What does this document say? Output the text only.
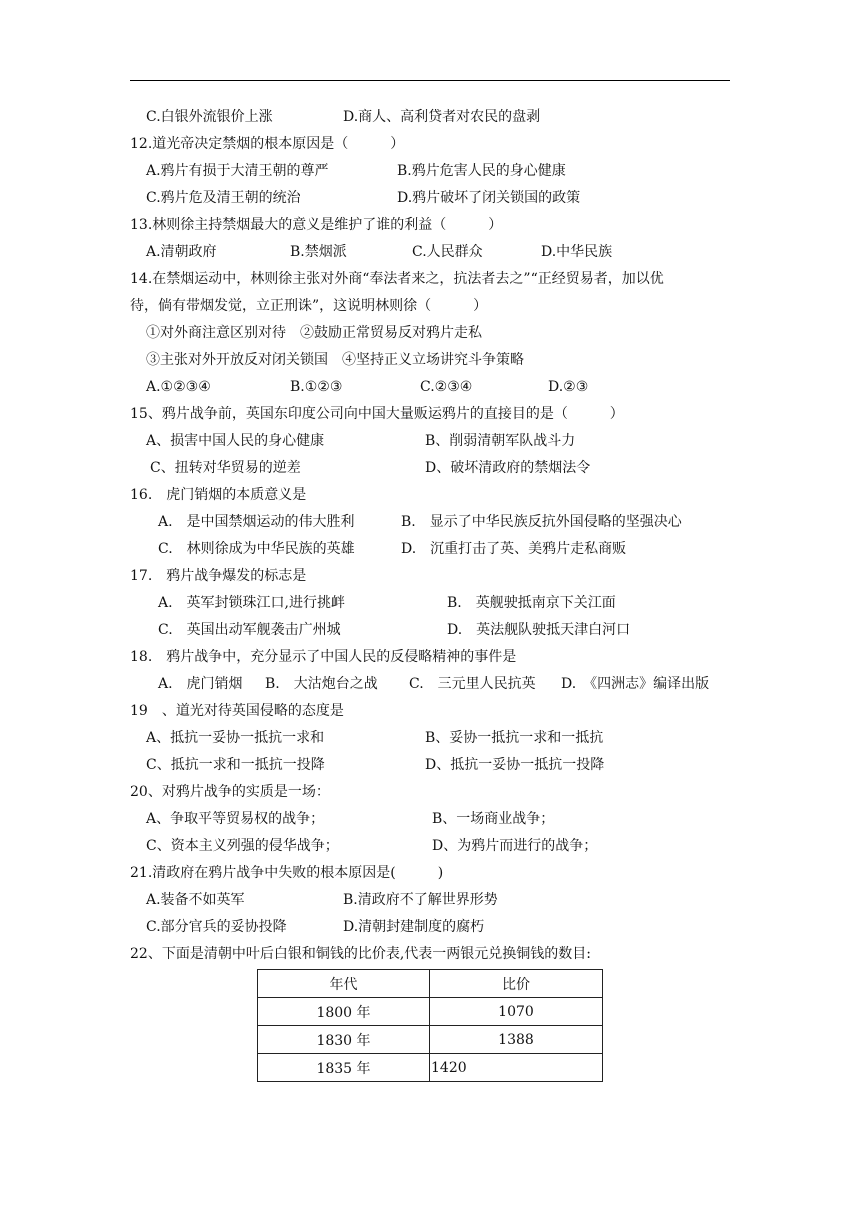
C.白银外流银价上涨	D.商人、高利贷者对农民的盘剥
12.道光帝决定禁烟的根本原因是（　　　）
A.鸦片有损于大清王朝的尊严	B.鸦片危害人民的身心健康
C.鸦片危及清王朝的统治	D.鸦片破坏了闭关锁国的政策
13.林则徐主持禁烟最大的意义是维护了谁的利益（　　　）
A.清朝政府	B.禁烟派	C.人民群众	D.中华民族
14.在禁烟运动中，林则徐主张对外商“奉法者来之，抗法者去之”“正经贸易者，加以优
待，倘有带烟发觉，立正刑诛”，这说明林则徐（　　　）
①对外商注意区别对待　②鼓励正常贸易反对鸦片走私
③主张对外开放反对闭关锁国　④坚持正义立场讲究斗争策略
A.①②③④	B.①②③	C.②③④	D.②③
15、鸦片战争前，英国东印度公司向中国大量贩运鸦片的直接目的是（　　　）
A、损害中国人民的身心健康	B、削弱清朝军队战斗力
C、扭转对华贸易的逆差	D、破坏清政府的禁烟法令
16.　虎门销烟的本质意义是
A.　是中国禁烟运动的伟大胜利	B.　显示了中华民族反抗外国侵略的坚强决心
C.　林则徐成为中华民族的英雄	D.　沉重打击了英、美鸦片走私商贩
17.　鸦片战争爆发的标志是
A.　英军封锁珠江口,进行挑衅	B.　英舰驶抵南京下关江面
C.　英国出动军舰袭击广州城	D.　英法舰队驶抵天津白河口
18.　鸦片战争中，充分显示了中国人民的反侵略精神的事件是
A.　虎门销烟 B.　大沽炮台之战 C.　三元里人民抗英 D.　《四洲志》编译出版
19　、道光对待英国侵略的态度是
A、抵抗一妥协一抵抗一求和	B、妥协一抵抗一求和一抵抗
C、抵抗一求和一抵抗一投降	D、抵抗一妥协一抵抗一投降
20、对鸦片战争的实质是一场：
A、争取平等贸易权的战争；	B、一场商业战争；
C、资本主义列强的侵华战争；	D、为鸦片而进行的战争；
21.清政府在鸦片战争中失败的根本原因是(　　　)
A.装备不如英军	B.清政府不了解世界形势
C.部分官兵的妥协投降	D.清朝封建制度的腐朽
22、下面是清朝中叶后白银和铜钱的比价表,代表一两银元兑换铜钱的数目:
年代	比价
1800 年	1070
1830 年	1388
1835 年	1420
